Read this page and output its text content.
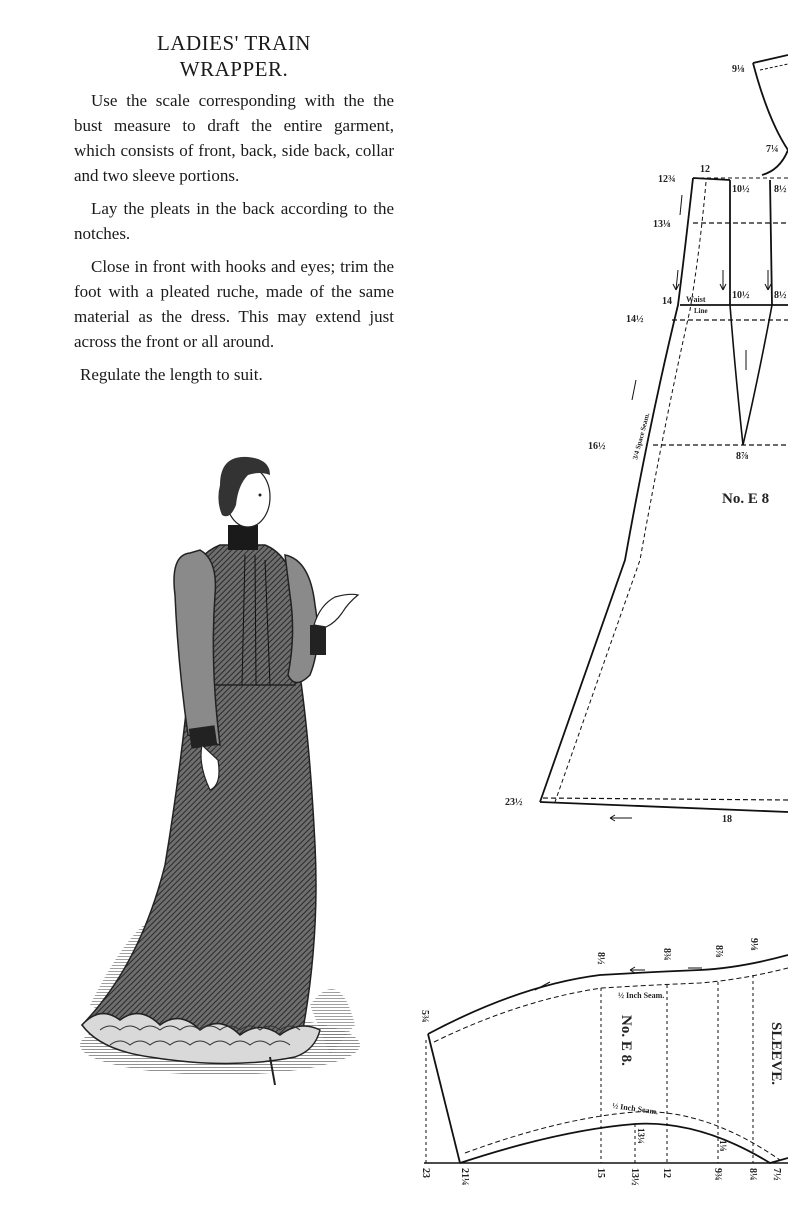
LADIES' TRAIN
WRAPPER.

Use the scale corresponding with the the bust measure to draft the entire garment, which consists of front, back, side back, collar and two sleeve portions.

Lay the pleats in the back according to the notches.

Close in front with hooks and eyes; trim the foot with a pleated ruche, made of the same material as the dress. This may extend just across the front or all around.

Regulate the length to suit.

9⅛
7¼
12¾
12
10½ 8½
13⅛
14 Waist
Line
10½ 8½
14½
16½
8⅞
No. E 8
23½
18
3/4 Space Seam.
5¾
8½	8¾	8⅞
9⅛
½ Inch Seam.
No. E 8.	SLEEVE.
½ Inch Seam.
13¼
1⅛
23	21¼	15 13½ 12	9¾ 8¼ 7½
